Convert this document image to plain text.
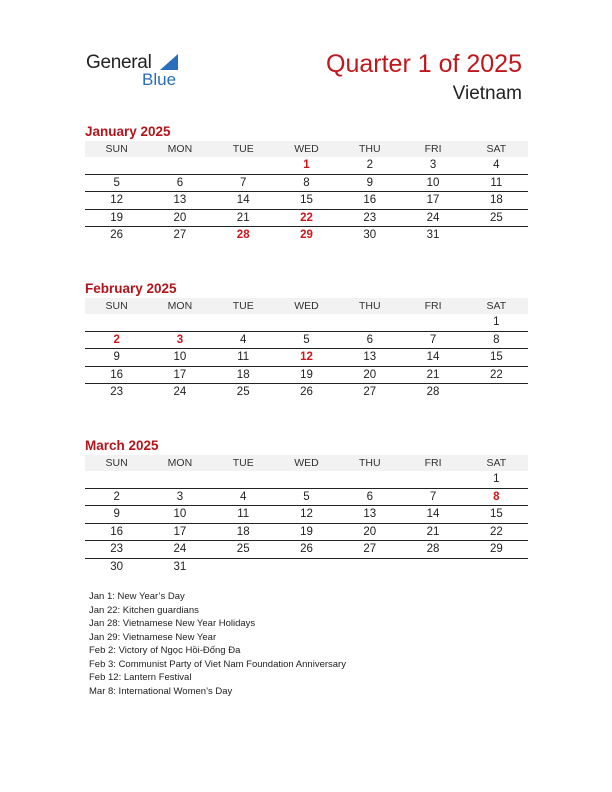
General
Blue
Quarter 1 of 2025
Vietnam
January 2025
SUN	MON	TUE	WED	THU	FRI	SAT
			1	2	3	4
5	6	7	8	9	10	11
12	13	14	15	16	17	18
19	20	21	22	23	24	25
26	27	28	29	30	31	
February 2025
SUN	MON	TUE	WED	THU	FRI	SAT
						1
2	3	4	5	6	7	8
9	10	11	12	13	14	15
16	17	18	19	20	21	22
23	24	25	26	27	28	
March 2025
SUN	MON	TUE	WED	THU	FRI	SAT
						1
2	3	4	5	6	7	8
9	10	11	12	13	14	15
16	17	18	19	20	21	22
23	24	25	26	27	28	29
30	31					
Jan 1: New Year’s Day
Jan 22: Kitchen guardians
Jan 28: Vietnamese New Year Holidays
Jan 29: Vietnamese New Year
Feb 2: Victory of Ngọc Hồi-Đống Đa
Feb 3: Communist Party of Viet Nam Foundation Anniversary
Feb 12: Lantern Festival
Mar 8: International Women’s Day
